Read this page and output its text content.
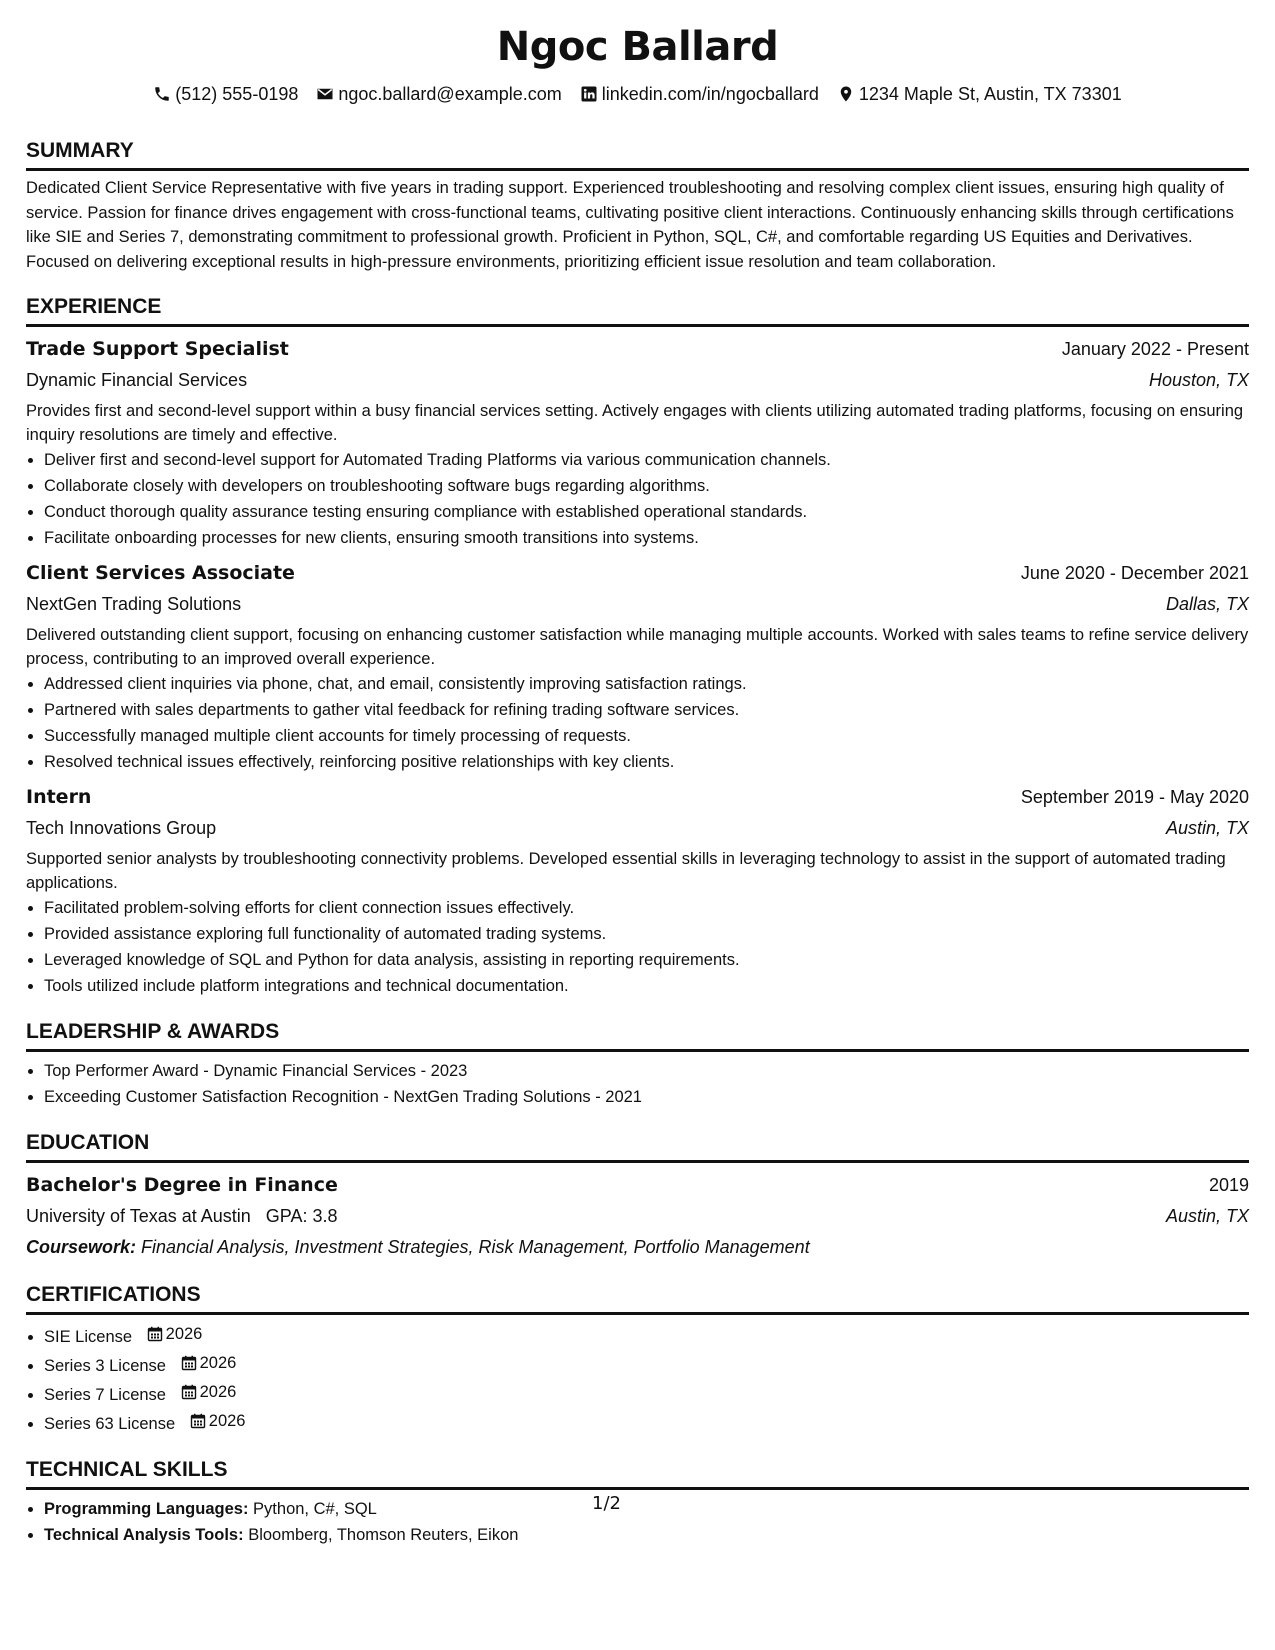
Ngoc Ballard
(512) 555-0198 ngoc.ballard@example.com linkedin.com/in/ngocballard 1234 Maple St, Austin, TX 73301
SUMMARY
Dedicated Client Service Representative with five years in trading support. Experienced troubleshooting and resolving complex client issues, ensuring high quality of service. Passion for finance drives engagement with cross-functional teams, cultivating positive client interactions. Continuously enhancing skills through certifications like SIE and Series 7, demonstrating commitment to professional growth. Proficient in Python, SQL, C#, and comfortable regarding US Equities and Derivatives. Focused on delivering exceptional results in high-pressure environments, prioritizing efficient issue resolution and team collaboration.
EXPERIENCE
Trade Support Specialist	January 2022 - Present
Dynamic Financial Services	Houston, TX
Provides first and second-level support within a busy financial services setting. Actively engages with clients utilizing automated trading platforms, focusing on ensuring inquiry resolutions are timely and effective.
• Deliver first and second-level support for Automated Trading Platforms via various communication channels.
• Collaborate closely with developers on troubleshooting software bugs regarding algorithms.
• Conduct thorough quality assurance testing ensuring compliance with established operational standards.
• Facilitate onboarding processes for new clients, ensuring smooth transitions into systems.
Client Services Associate	June 2020 - December 2021
NextGen Trading Solutions	Dallas, TX
Delivered outstanding client support, focusing on enhancing customer satisfaction while managing multiple accounts. Worked with sales teams to refine service delivery process, contributing to an improved overall experience.
• Addressed client inquiries via phone, chat, and email, consistently improving satisfaction ratings.
• Partnered with sales departments to gather vital feedback for refining trading software services.
• Successfully managed multiple client accounts for timely processing of requests.
• Resolved technical issues effectively, reinforcing positive relationships with key clients.
Intern	September 2019 - May 2020
Tech Innovations Group	Austin, TX
Supported senior analysts by troubleshooting connectivity problems. Developed essential skills in leveraging technology to assist in the support of automated trading applications.
• Facilitated problem-solving efforts for client connection issues effectively.
• Provided assistance exploring full functionality of automated trading systems.
• Leveraged knowledge of SQL and Python for data analysis, assisting in reporting requirements.
• Tools utilized include platform integrations and technical documentation.
LEADERSHIP & AWARDS
• Top Performer Award - Dynamic Financial Services - 2023
• Exceeding Customer Satisfaction Recognition - NextGen Trading Solutions - 2021
EDUCATION
Bachelor's Degree in Finance	2019
University of Texas at Austin GPA: 3.8	Austin, TX
Coursework: Financial Analysis, Investment Strategies, Risk Management, Portfolio Management
CERTIFICATIONS
• SIE License 2026
• Series 3 License 2026
• Series 7 License 2026
• Series 63 License 2026
TECHNICAL SKILLS
• Programming Languages: Python, C#, SQL
• Technical Analysis Tools: Bloomberg, Thomson Reuters, Eikon
1/2
